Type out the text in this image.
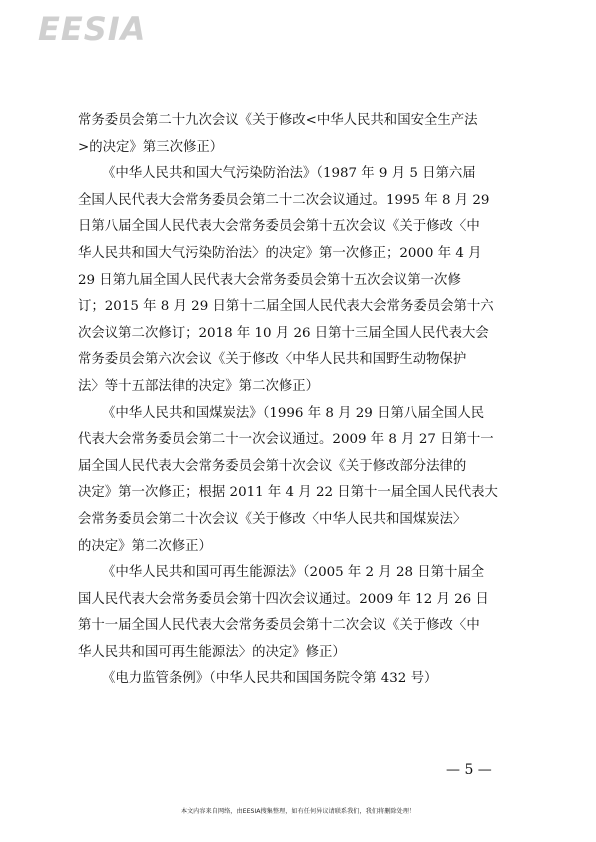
EESIA
常务委员会第二十九次会议《关于修改<中华人民共和国安全生产法
>的决定》第三次修正）
《中华人民共和国大气污染防治法》（1987 年 9 月 5 日第六届
全国人民代表大会常务委员会第二十二次会议通过。1995 年 8 月 29
日第八届全国人民代表大会常务委员会第十五次会议《关于修改〈中
华人民共和国大气污染防治法〉的决定》第一次修正；2000 年 4 月
29 日第九届全国人民代表大会常务委员会第十五次会议第一次修
订；2015 年 8 月 29 日第十二届全国人民代表大会常务委员会第十六
次会议第二次修订；2018 年 10 月 26 日第十三届全国人民代表大会
常务委员会第六次会议《关于修改〈中华人民共和国野生动物保护
法〉等十五部法律的决定》第二次修正）
《中华人民共和国煤炭法》（1996 年 8 月 29 日第八届全国人民
代表大会常务委员会第二十一次会议通过。2009 年 8 月 27 日第十一
届全国人民代表大会常务委员会第十次会议《关于修改部分法律的
决定》第一次修正；根据 2011 年 4 月 22 日第十一届全国人民代表大
会常务委员会第二十次会议《关于修改〈中华人民共和国煤炭法〉
的决定》第二次修正）
《中华人民共和国可再生能源法》（2005 年 2 月 28 日第十届全
国人民代表大会常务委员会第十四次会议通过。2009 年 12 月 26 日
第十一届全国人民代表大会常务委员会第十二次会议《关于修改〈中
华人民共和国可再生能源法〉的决定》修正）
《电力监管条例》（中华人民共和国国务院令第 432 号）
— 5 —
本文内容来自网络，由EESIA搜集整理，如有任何异议请联系我们，我们将删除处理！
